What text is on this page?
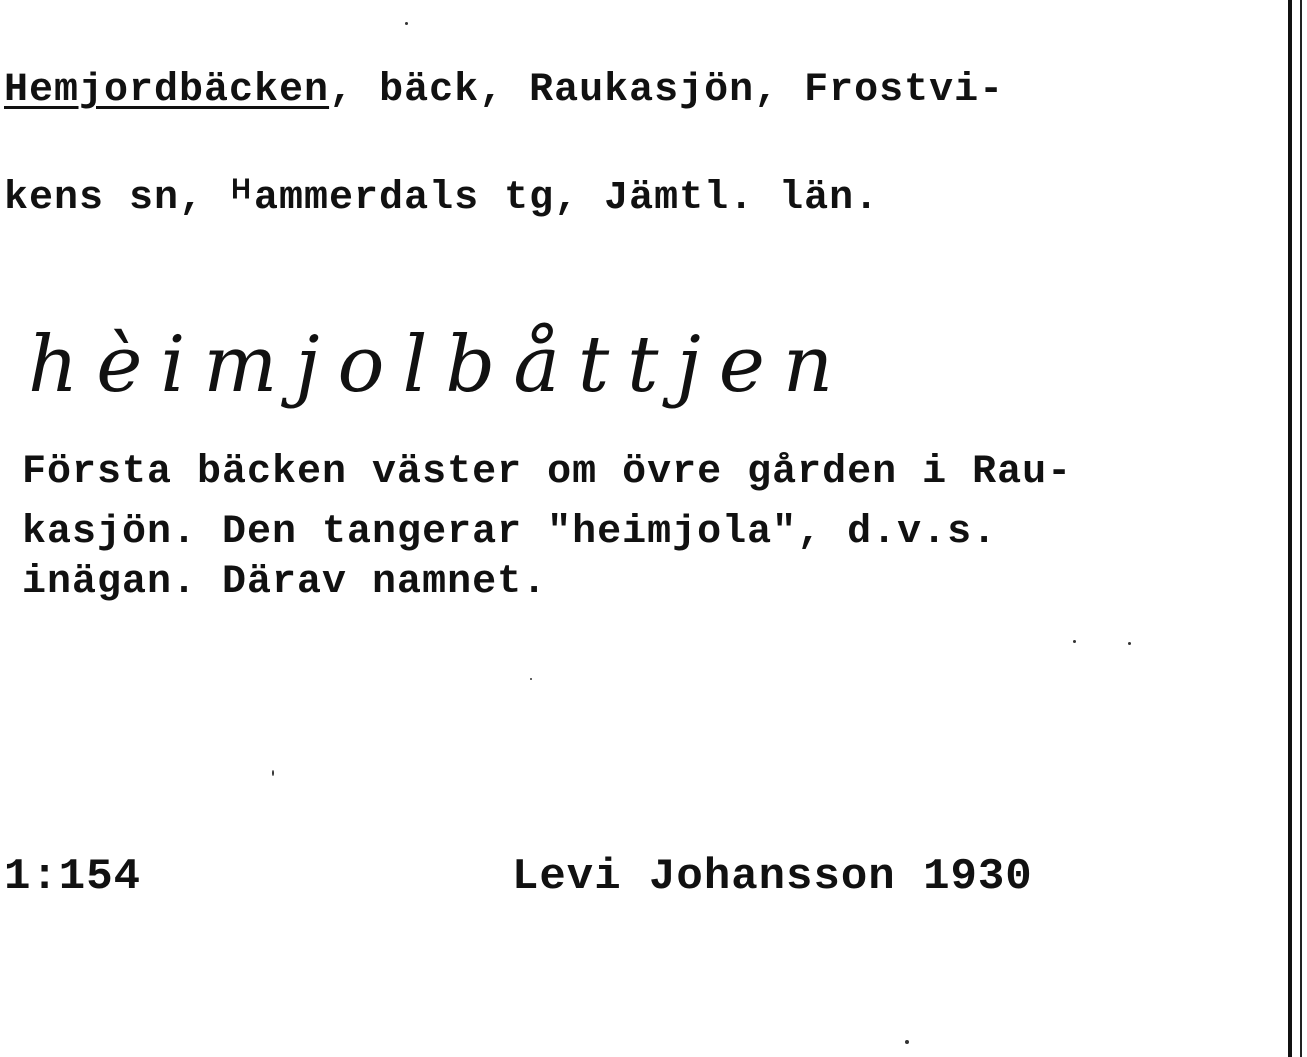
Hemjordbäcken, bäck, Raukasjön, Frostvi-
kens sn, ᴴammerdals tg, Jämtl. län.
hèimjolbåttjen
Första bäcken väster om övre gården i Rau-
kasjön. Den tangerar "heimjola", d.v.s.
inägan. Därav namnet.
1:154	Levi Johansson 1930
